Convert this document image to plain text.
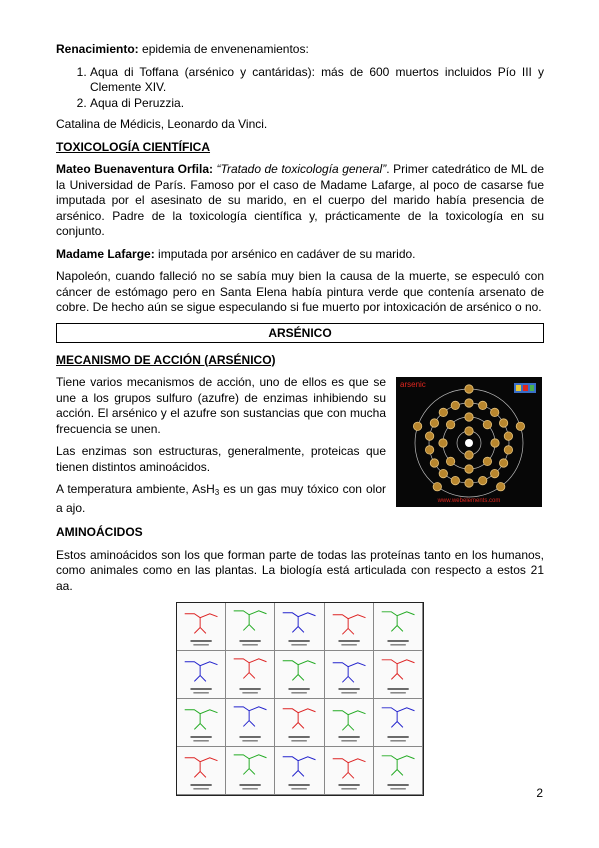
Renacimiento: epidemia de envenenamientos:

1. Aqua di Toffana (arsénico y cantáridas): más de 600 muertos incluidos Pío III y Clemente XIV.
2. Aqua di Peruzzia.

Catalina de Médicis, Leonardo da Vinci.

TOXICOLOGÍA CIENTÍFICA

Mateo Buenaventura Orfila: “Tratado de toxicología general”. Primer catedrático de ML de la Universidad de París. Famoso por el caso de Madame Lafarge, al poco de casarse fue imputada por el asesinato de su marido, en el cuerpo del marido había presencia de arsénico. Padre de la toxicología científica y, prácticamente de la toxicología en su conjunto.

Madame Lafarge: imputada por arsénico en cadáver de su marido.

Napoleón, cuando falleció no se sabía muy bien la causa de la muerte, se especuló con cáncer de estómago pero en Santa Elena había pintura verde que contenía arsenato de cobre. De hecho aún se sigue especulando si fue muerto por intoxicación de arsénico o no.

ARSÉNICO

MECANISMO DE ACCIÓN (ARSÉNICO)

Tiene varios mecanismos de acción, uno de ellos es que se une a los grupos sulfuro (azufre) de enzimas inhibiendo su acción. El arsénico y el azufre son sustancias que con mucha frecuencia se unen.

Las enzimas son estructuras, generalmente, proteicas que tienen distintos aminoácidos.

A temperatura ambiente, AsH$_3$ es un gas muy tóxico con olor a ajo.

arsenic
www.webelements.com

AMINOÁCIDOS

Estos aminoácidos son los que forman parte de todas las proteínas tanto en los humanos, como animales como en las plantas. La biología está articulada con respecto a estos 21 aa.

2
